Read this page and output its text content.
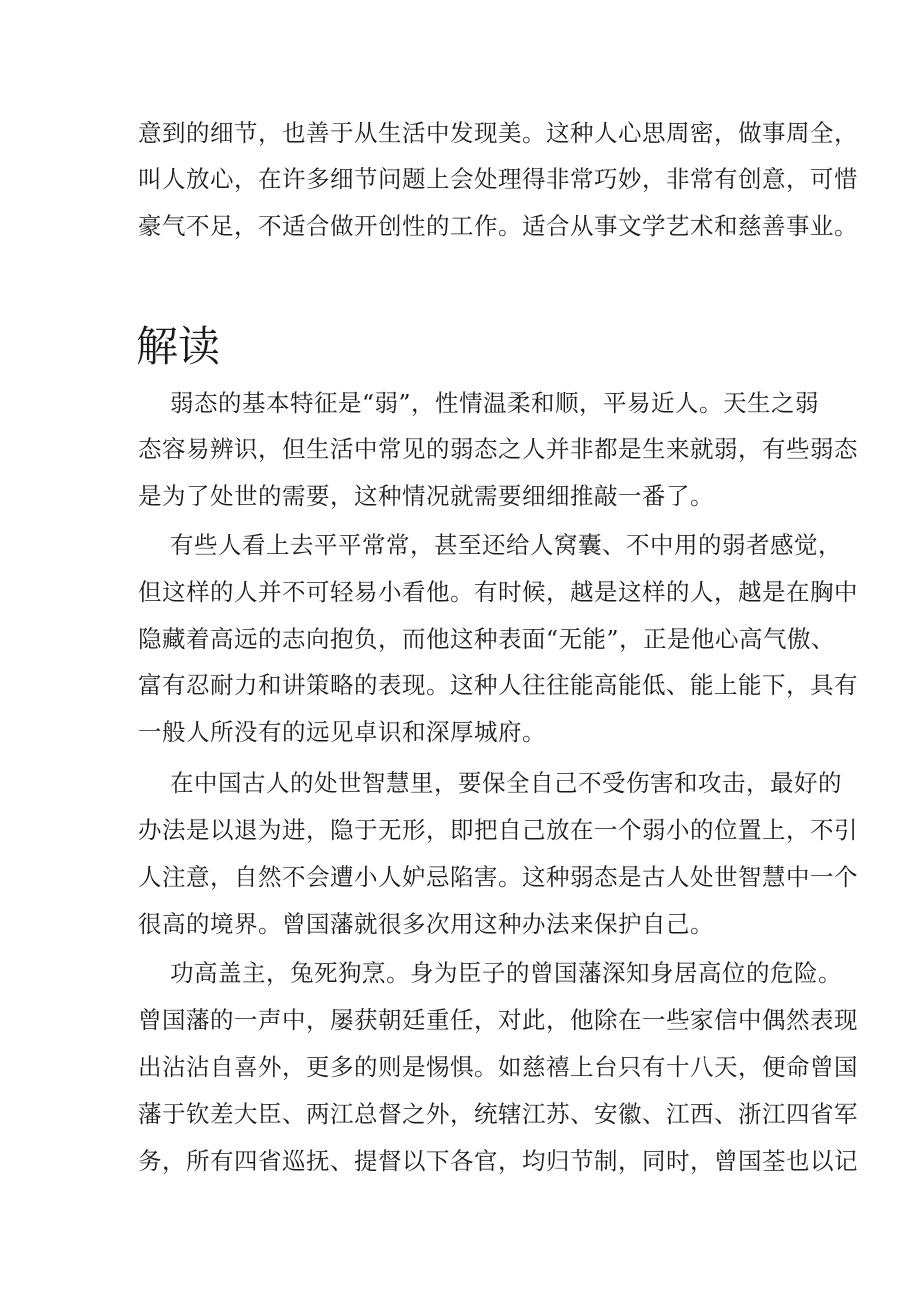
意到的细节，也善于从生活中发现美。这种人心思周密，做事周全，
叫人放心，在许多细节问题上会处理得非常巧妙，非常有创意，可惜
豪气不足，不适合做开创性的工作。适合从事文学艺术和慈善事业。
解读
弱态的基本特征是“弱”，性情温柔和顺，平易近人。天生之弱
态容易辨识，但生活中常见的弱态之人并非都是生来就弱，有些弱态
是为了处世的需要，这种情况就需要细细推敲一番了。
有些人看上去平平常常，甚至还给人窝囊、不中用的弱者感觉，
但这样的人并不可轻易小看他。有时候，越是这样的人，越是在胸中
隐藏着高远的志向抱负，而他这种表面“无能”，正是他心高气傲、
富有忍耐力和讲策略的表现。这种人往往能高能低、能上能下，具有
一般人所没有的远见卓识和深厚城府。
在中国古人的处世智慧里，要保全自己不受伤害和攻击，最好的
办法是以退为进，隐于无形，即把自己放在一个弱小的位置上，不引
人注意，自然不会遭小人妒忌陷害。这种弱态是古人处世智慧中一个
很高的境界。曾国藩就很多次用这种办法来保护自己。
功高盖主，兔死狗烹。身为臣子的曾国藩深知身居高位的危险。
曾国藩的一声中，屡获朝廷重任，对此，他除在一些家信中偶然表现
出沾沾自喜外，更多的则是惕惧。如慈禧上台只有十八天，便命曾国
藩于钦差大臣、两江总督之外，统辖江苏、安徽、江西、浙江四省军
务，所有四省巡抚、提督以下各官，均归节制，同时，曾国荃也以记
